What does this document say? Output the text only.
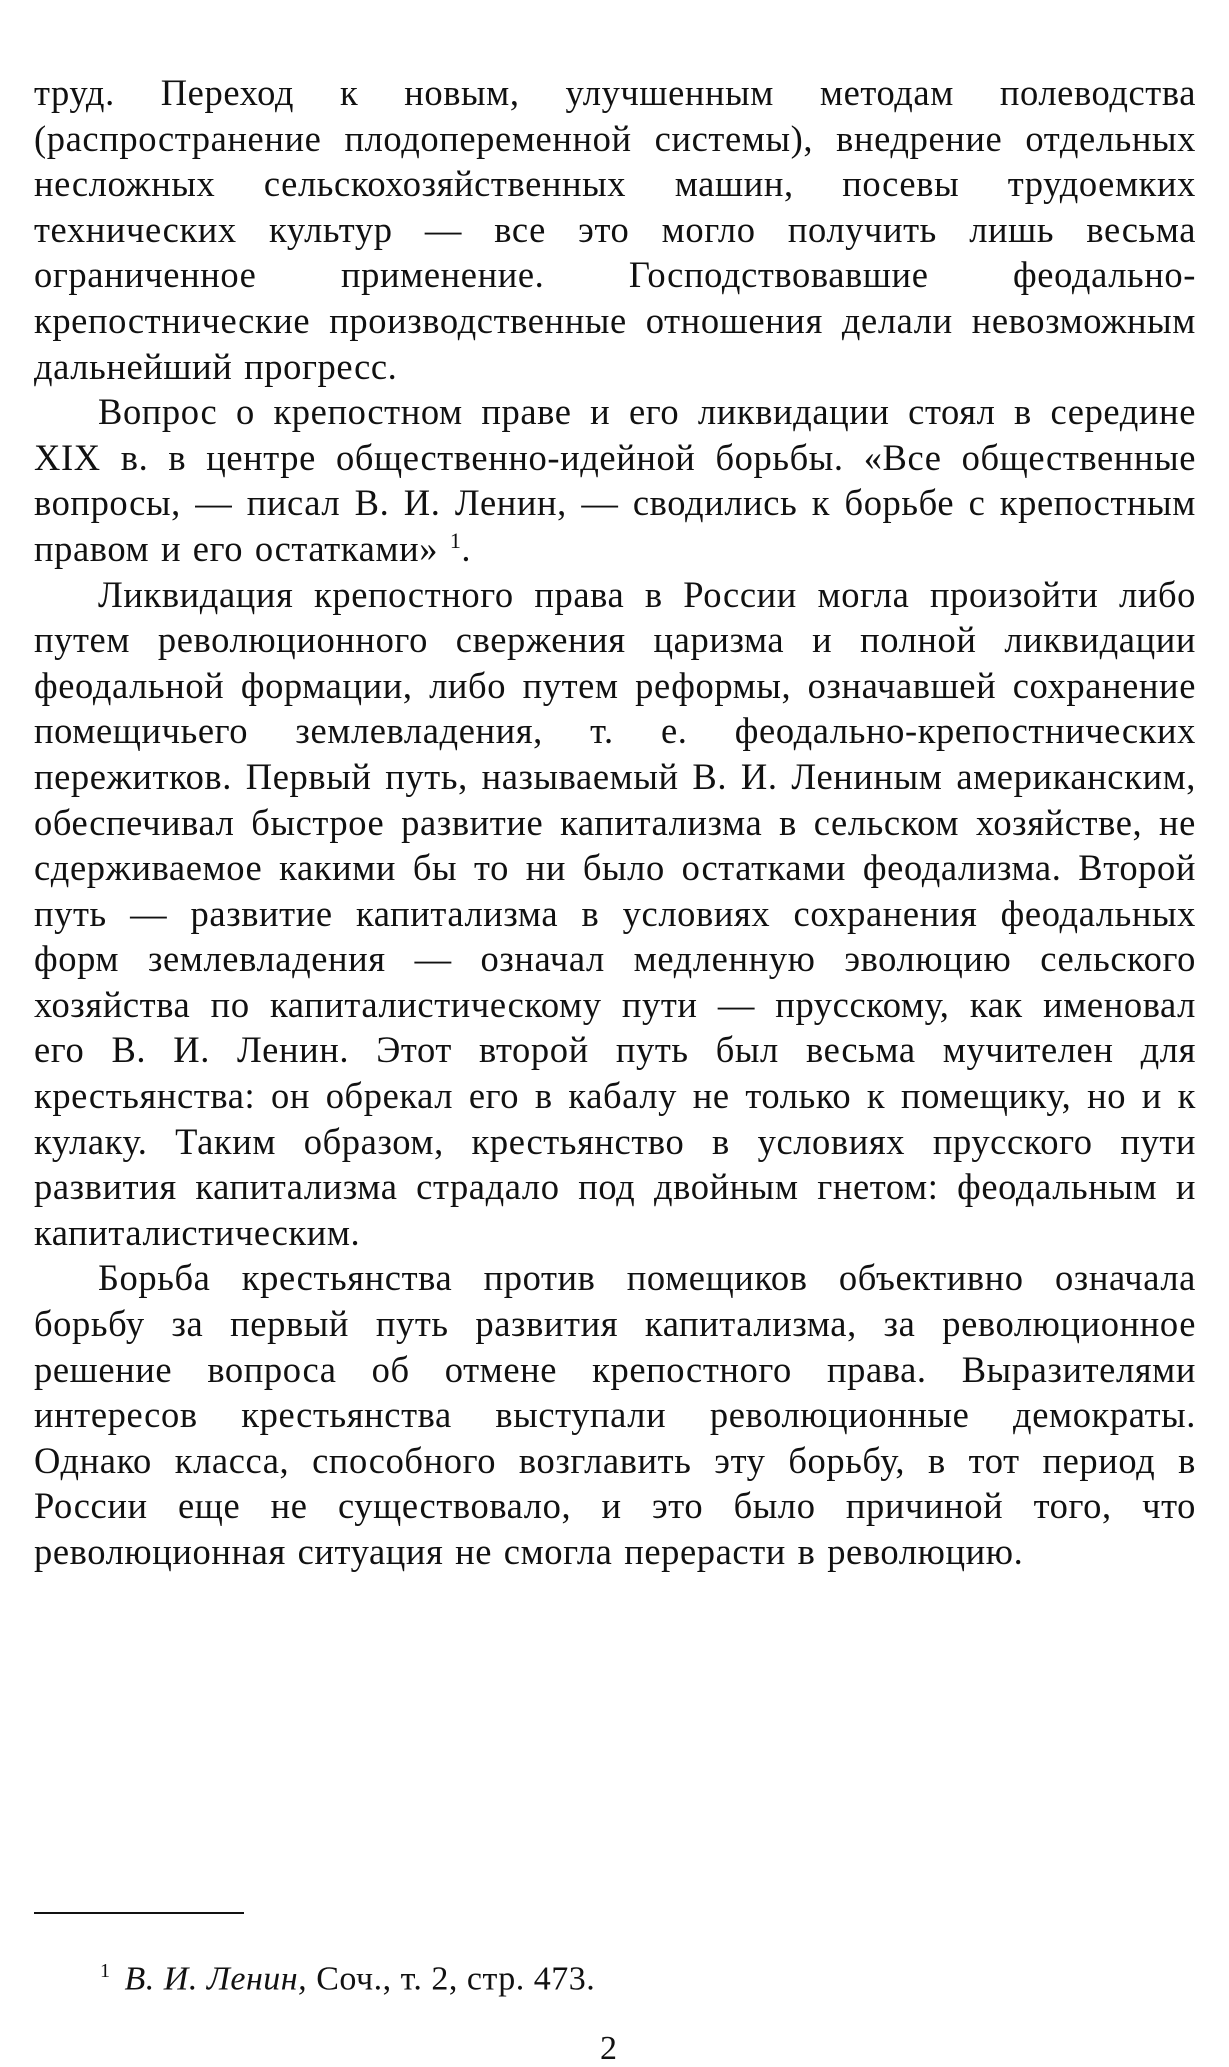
труд. Переход к новым, улучшенным методам полеводства (распространение плодопеременной системы), внедрение отдельных несложных сельскохозяйственных машин, посевы трудоемких технических культур — все это могло получить лишь весьма ограниченное применение. Господствовавшие феодально-крепостнические производственные отношения делали невозможным дальнейший прогресс.

Вопрос о крепостном праве и его ликвидации стоял в середине XIX в. в центре общественно-идейной борьбы. «Все общественные вопросы, — писал В. И. Ленин, — сводились к борьбе с крепостным правом и его остатками» $^1$.

Ликвидация крепостного права в России могла произойти либо путем революционного свержения царизма и полной ликвидации феодальной формации, либо путем реформы, означавшей сохранение помещичьего землевладения, т. е. феодально-крепостнических пережитков. Первый путь, называемый В. И. Лениным американским, обеспечивал быстрое развитие капитализма в сельском хозяйстве, не сдерживаемое какими бы то ни было остатками феодализма. Второй путь — развитие капитализма в условиях сохранения феодальных форм землевладения — означал медленную эволюцию сельского хозяйства по капиталистическому пути — прусскому, как именовал его В. И. Ленин. Этот второй путь был весьма мучителен для крестьянства: он обрекал его в кабалу не только к помещику, но и к кулаку. Таким образом, крестьянство в условиях прусского пути развития капитализма страдало под двойным гнетом: феодальным и капиталистическим.

Борьба крестьянства против помещиков объективно означала борьбу за первый путь развития капитализма, за революционное решение вопроса об отмене крепостного права. Выразителями интересов крестьянства выступали революционные демократы. Однако класса, способного возглавить эту борьбу, в тот период в России еще не существовало, и это было причиной того, что революционная ситуация не смогла перерасти в революцию.

$^1$ В. И. Ленин, Соч., т. 2, стр. 473.
2
